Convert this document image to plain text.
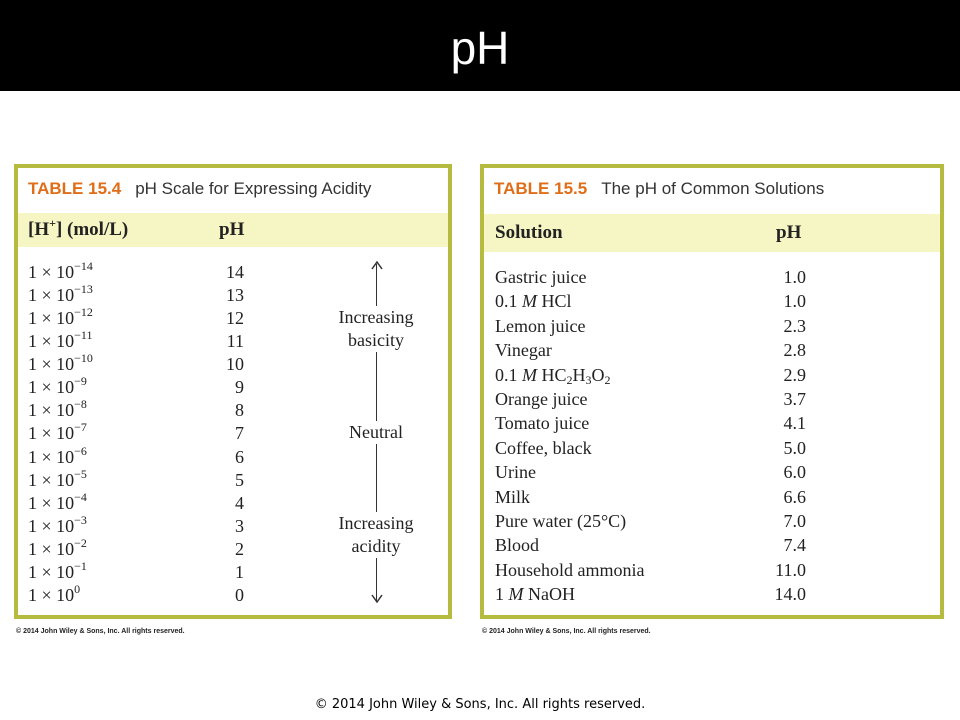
pH
TABLE 15.4 pH Scale for Expressing Acidity
[H+] (mol/L)	pH
$1 \times 10^{-14}$	14
$1 \times 10^{-13}$	13
$1 \times 10^{-12}$	12
$1 \times 10^{-11}$	11
$1 \times 10^{-10}$	10
$1 \times 10^{-9}$	9
$1 \times 10^{-8}$	8
$1 \times 10^{-7}$	7
$1 \times 10^{-6}$	6
$1 \times 10^{-5}$	5
$1 \times 10^{-4}$	4
$1 \times 10^{-3}$	3
$1 \times 10^{-2}$	2
$1 \times 10^{-1}$	1
$1 \times 10^0$	0
Increasing
basicity
Neutral
Increasing
acidity
© 2014 John Wiley & Sons, Inc. All rights reserved.
TABLE 15.5 The pH of Common Solutions
Solution	pH
Gastric juice	1.0
0.1 M HCl	1.0
Lemon juice	2.3
Vinegar	2.8
0.1 M $HC_2H_3O_2$	2.9
Orange juice	3.7
Tomato juice	4.1
Coffee, black	5.0
Urine	6.0
Milk	6.6
Pure water (25°C)	7.0
Blood	7.4
Household ammonia	11.0
1 M NaOH	14.0
© 2014 John Wiley & Sons, Inc. All rights reserved.
© 2014 John Wiley & Sons, Inc. All rights reserved.
